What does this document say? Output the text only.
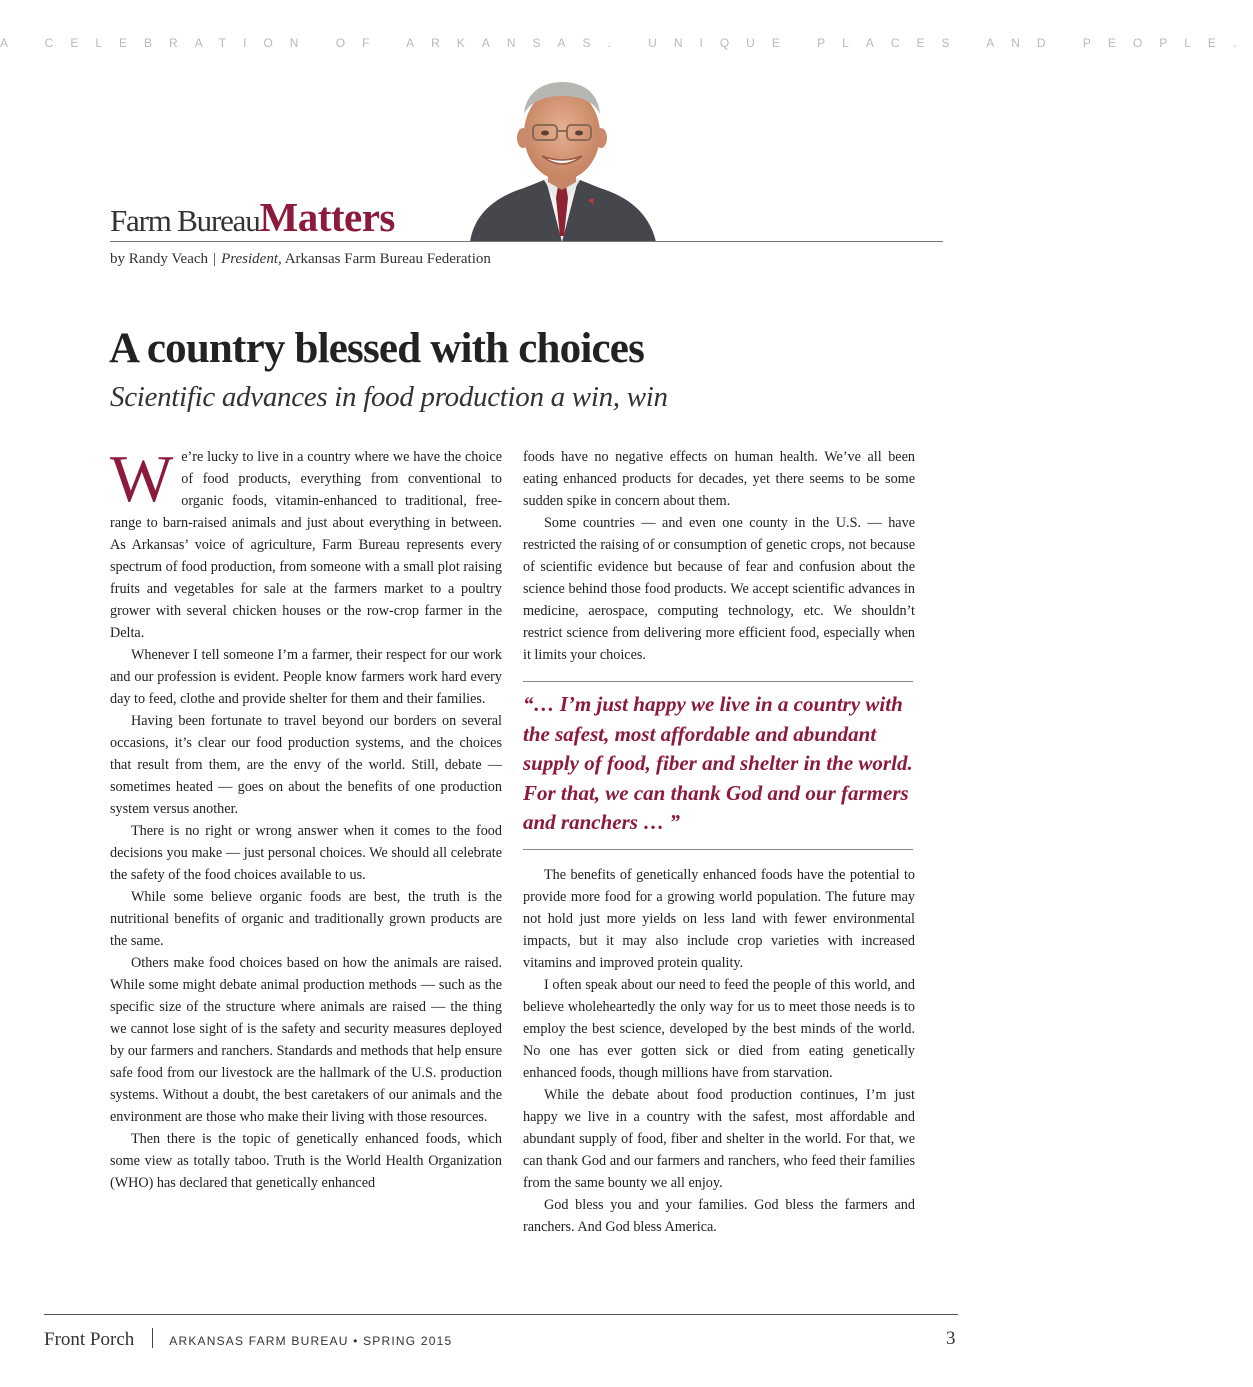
A CELEBRATION OF ARKANSAS. UNIQUE PLACES AND PEOPLE.
Farm BureauMatters
by Randy Veach | President, Arkansas Farm Bureau Federation
A country blessed with choices
Scientific advances in food production a win, win

We’re lucky to live in a country where we have the choice of food products, everything from conventional to organic foods, vitamin-enhanced to traditional, free-range to barn-raised animals and just about everything in between. As Arkansas’ voice of agriculture, Farm Bureau represents every spectrum of food production, from someone with a small plot raising fruits and vegetables for sale at the farmers market to a poultry grower with several chicken houses or the row-crop farmer in the Delta.

Whenever I tell someone I’m a farmer, their respect for our work and our profession is evident. People know farmers work hard every day to feed, clothe and provide shelter for them and their families.

Having been fortunate to travel beyond our borders on several occasions, it’s clear our food production systems, and the choices that result from them, are the envy of the world. Still, debate — sometimes heated — goes on about the benefits of one production system versus another.

There is no right or wrong answer when it comes to the food decisions you make — just personal choices. We should all celebrate the safety of the food choices available to us.

While some believe organic foods are best, the truth is the nutritional benefits of organic and traditionally grown products are the same.

Others make food choices based on how the animals are raised. While some might debate animal production methods — such as the specific size of the structure where animals are raised — the thing we cannot lose sight of is the safety and security measures deployed by our farmers and ranchers. Standards and methods that help ensure safe food from our livestock are the hallmark of the U.S. production systems. Without a doubt, the best caretakers of our animals and the environment are those who make their living with those resources.

Then there is the topic of genetically enhanced foods, which some view as totally taboo. Truth is the World Health Organization (WHO) has declared that genetically enhanced

foods have no negative effects on human health. We’ve all been eating enhanced products for decades, yet there seems to be some sudden spike in concern about them.

Some countries — and even one county in the U.S. — have restricted the raising of or consumption of genetic crops, not because of scientific evidence but because of fear and confusion about the science behind those food products. We accept scientific advances in medicine, aerospace, computing technology, etc. We shouldn’t restrict science from delivering more efficient food, especially when it limits your choices.

“… I’m just happy we live in a country with the safest, most affordable and abundant supply of food, fiber and shelter in the world. For that, we can thank God and our farmers and ranchers … ”

The benefits of genetically enhanced foods have the potential to provide more food for a growing world population. The future may not hold just more yields on less land with fewer environmental impacts, but it may also include crop varieties with increased vitamins and improved protein quality.

I often speak about our need to feed the people of this world, and believe wholeheartedly the only way for us to meet those needs is to employ the best science, developed by the best minds of the world. No one has ever gotten sick or died from eating genetically enhanced foods, though millions have from starvation.

While the debate about food production continues, I’m just happy we live in a country with the safest, most affordable and abundant supply of food, fiber and shelter in the world. For that, we can thank God and our farmers and ranchers, who feed their families from the same bounty we all enjoy.

God bless you and your families. God bless the farmers and ranchers. And God bless America.

Front Porch	ARKANSAS FARM BUREAU • SPRING 2015	3
